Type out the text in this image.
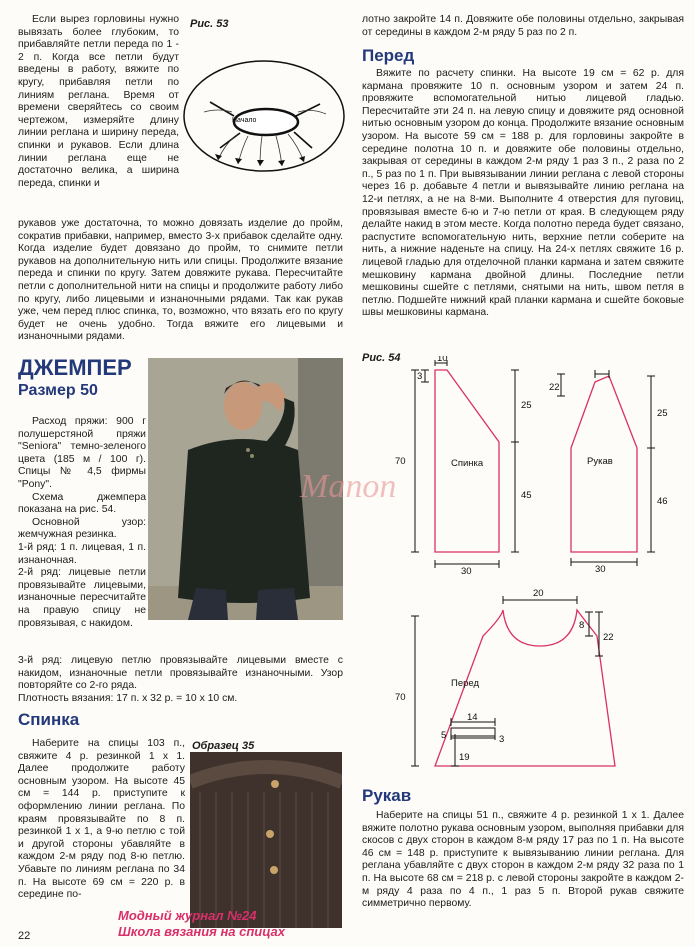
Если вырез горловины нужно вывязать более глубоким, то прибавляйте петли переда по 1 - 2 п. Когда все петли будут введены в работу, вяжите по кругу, прибавляя петли по линиям реглана. Время от времени сверяйтесь со своим чертежом, измеряйте длину линии реглана и ширину переда, спинки и рукавов. Если длина линии реглана еще не достаточно велика, а ширина переда, спинки и

Рис. 53
Начало

рукавов уже достаточна, то можно довязать изделие до пройм, сократив прибавки, например, вместо 3-х прибавок сделайте одну. Когда изделие будет довязано до пройм, то снимите петли рукавов на дополнительную нить или спицы. Продолжите вязание переда и спинки по кругу. Затем довяжите рукава. Пересчитайте петли с дополнительной нити на спицы и продолжите работу либо по кругу, либо лицевыми и изнаночными рядами. Так как рукав уже, чем перед плюс спинка, то, возможно, что вязать его по кругу будет не очень удобно. Тогда вяжите его лицевыми и изнаночными рядами.

ДЖЕМПЕР
Размер 50
Manon

Расход пряжи: 900 г полушерстяной пряжи "Seniora" темно-зеленого цвета (185 м / 100 г). Спицы № 4,5 фирмы "Pony".

Схема джемпера показана на рис. 54.

Основной узор: жемчужная резинка.

1-й ряд: 1 п. лицевая, 1 п. изнаночная.

2-й ряд: лицевые петли провязывайте лицевыми, изнаночные пересчитайте на правую спицу не провязывая, с накидом.

3-й ряд: лицевую петлю провязывайте лицевыми вместе с накидом, изнаночные петли провязывайте изнаночными. Узор повторяйте со 2-го ряда.

Плотность вязания: 17 п. х 32 р. = 10 х 10 см.

Спинка

Наберите на спицы 103 п., свяжите 4 р. резинкой 1 х 1. Далее продолжите работу основным узором. На высоте 45 см = 144 р. приступите к оформлению линии реглана. По краям провязывайте по 8 п. резинкой 1 х 1, а 9-ю петлю с той и другой стороны убавляйте в каждом 2-м ряду под 8-ю петлю. Убавьте по линиям реглана по 34 п. На высоте 69 см = 220 р. в середине по-

Образец 35
22

лотно закройте 14 п. Довяжите обе половины отдельно, закрывая от середины в каждом 2-м ряду 5 раз по 2 п.

Перед

Вяжите по расчету спинки. На высоте 19 см = 62 р. для кармана провяжите 10 п. основным узором и затем 24 п. провяжите вспомогательной нитью лицевой гладью. Пересчитайте эти 24 п. на левую спицу и довяжите ряд основной нитью основным узором до конца. Продолжите вязание основным узором. На высоте 59 см = 188 р. для горловины закройте в середине полотна 10 п. и довяжите обе половины отдельно, закрывая от середины в каждом 2-м ряду 1 раз 3 п., 2 раза по 2 п., 5 раз по 1 п. При вывязывании линии реглана с левой стороны через 16 р. добавьте 4 петли и вывязывайте линию реглана на 12-и петлях, а не на 8-ми. Выполните 4 отверстия для пуговиц, провязывая вместе 6-ю и 7-ю петли от края. В следующем ряду делайте накид в этом месте. Когда полотно переда будет связано, распустите вспомогательную нить, верхние петли соберите на нить, а нижние наденьте на спицу. На 24-х петлях свяжите 16 р. лицевой гладью для отделочной планки кармана и затем свяжите мешковину кармана двойной длины. Последние петли мешковины сшейте с петлями, снятыми на нить, швом петля в петлю. Подшейте нижний край планки кармана и сшейте боковые швы мешковины кармана.

Рис. 54	10
3
25
70
45
30
Спинка
22
25
46
30
Рукав
20
8
22
70
14
5	3
19
Перед
Рукав

Наберите на спицы 51 п., свяжите 4 р. резинкой 1 х 1. Далее вяжите полотно рукава основным узором, выполняя прибавки для скосов с двух сторон в каждом 8-м ряду 17 раз по 1 п. На высоте 46 см = 148 р. приступите к вывязыванию линии реглана. Для реглана убавляйте с двух сторон в каждом 2-м ряду 32 раза по 1 п. На высоте 68 см = 218 р. с левой стороны закройте в каждом 2-м ряду 4 раза по 4 п., 1 раз 5 п. Второй рукав свяжите симметрично первому.

Модный журнал №24
Школа вязания на спицах
